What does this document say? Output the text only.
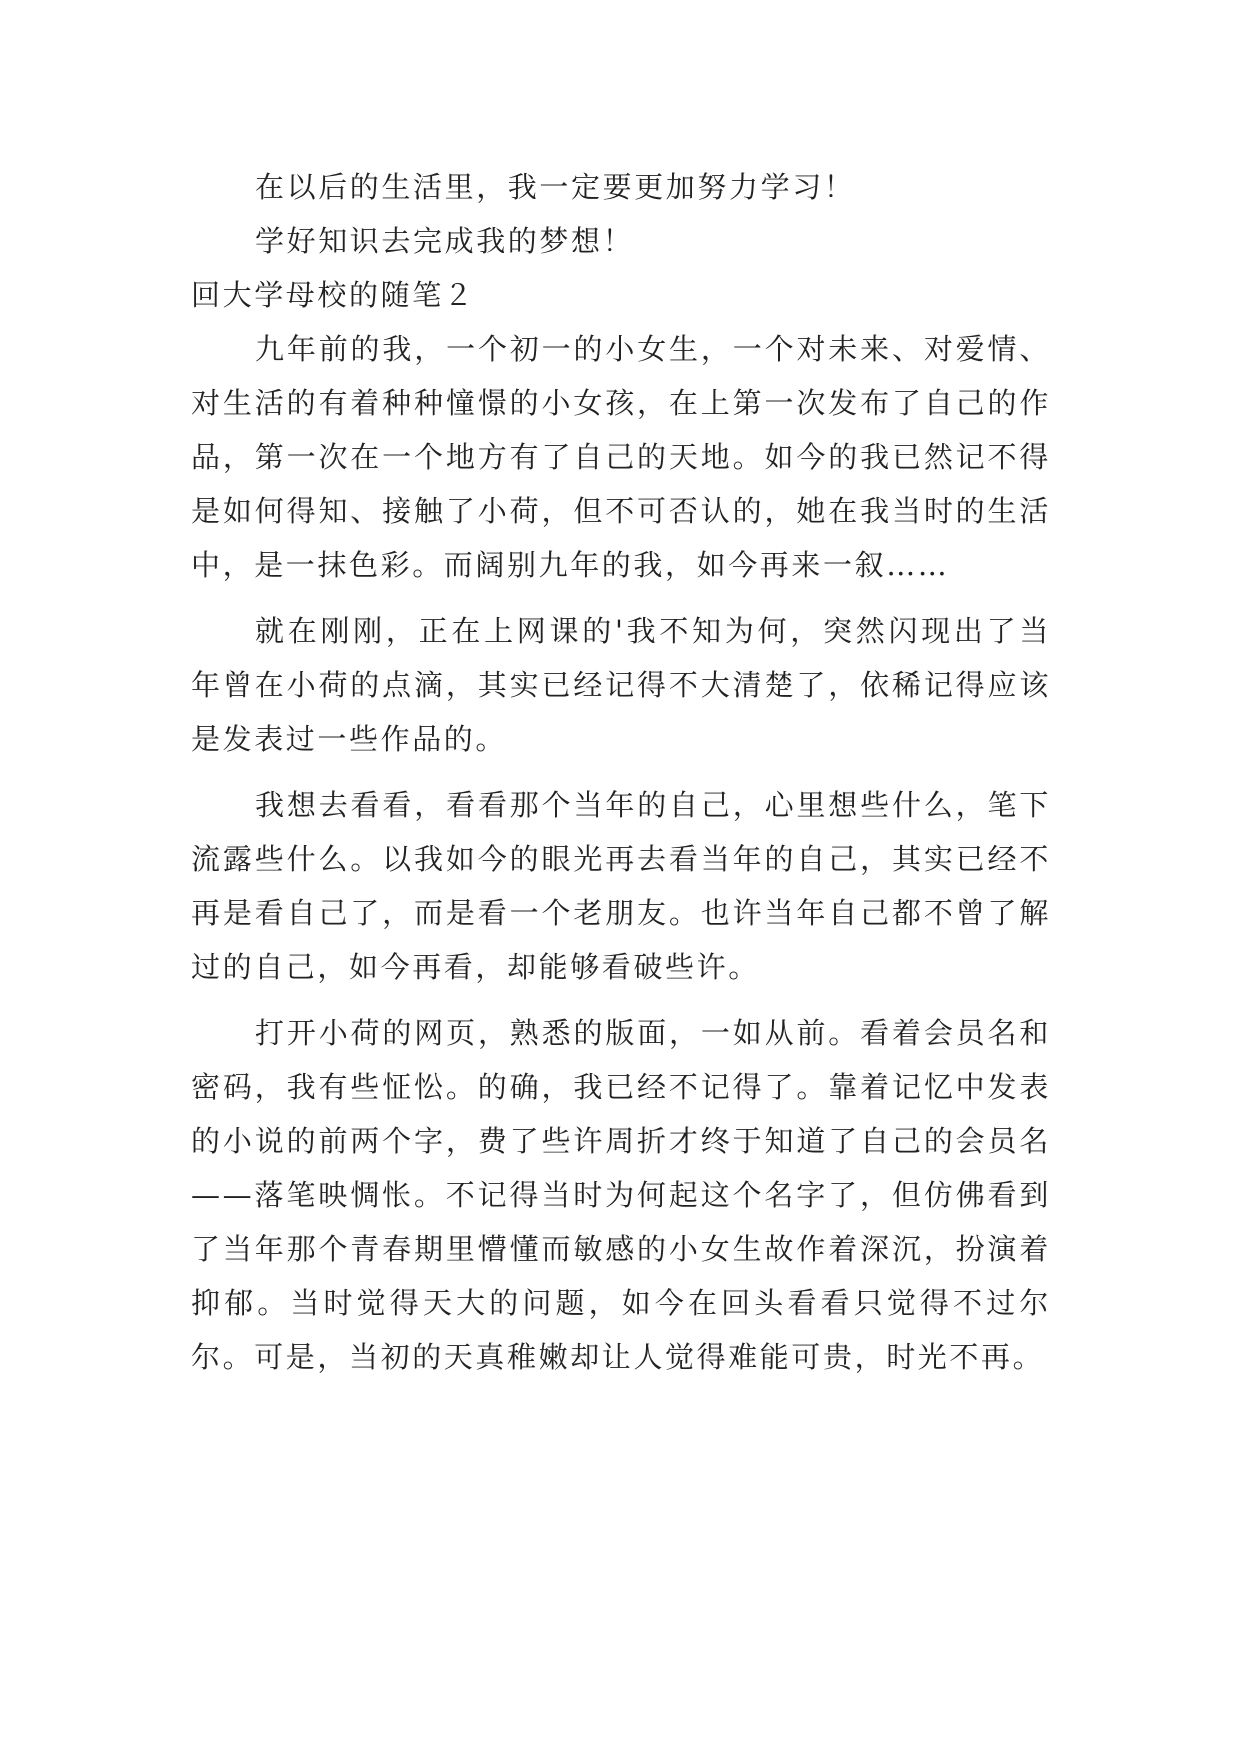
在以后的生活里，我一定要更加努力学习！

学好知识去完成我的梦想！

回大学母校的随笔２

九年前的我，一个初一的小女生，一个对未来、对爱情、对生活的有着种种憧憬的小女孩，在上第一次发布了自己的作品，第一次在一个地方有了自己的天地。如今的我已然记不得是如何得知、接触了小荷，但不可否认的，她在我当时的生活中，是一抹色彩。而阔别九年的我，如今再来一叙……

就在刚刚，正在上网课的'我不知为何，突然闪现出了当年曾在小荷的点滴，其实已经记得不大清楚了，依稀记得应该是发表过一些作品的。

我想去看看，看看那个当年的自己，心里想些什么，笔下流露些什么。以我如今的眼光再去看当年的自己，其实已经不再是看自己了，而是看一个老朋友。也许当年自己都不曾了解过的自己，如今再看，却能够看破些许。

打开小荷的网页，熟悉的版面，一如从前。看着会员名和密码，我有些怔忪。的确，我已经不记得了。靠着记忆中发表的小说的前两个字，费了些许周折才终于知道了自己的会员名——落笔映惆怅。不记得当时为何起这个名字了，但仿佛看到了当年那个青春期里懵懂而敏感的小女生故作着深沉，扮演着抑郁。当时觉得天大的问题，如今在回头看看只觉得不过尔尔。可是，当初的天真稚嫩却让人觉得难能可贵，时光不再。
